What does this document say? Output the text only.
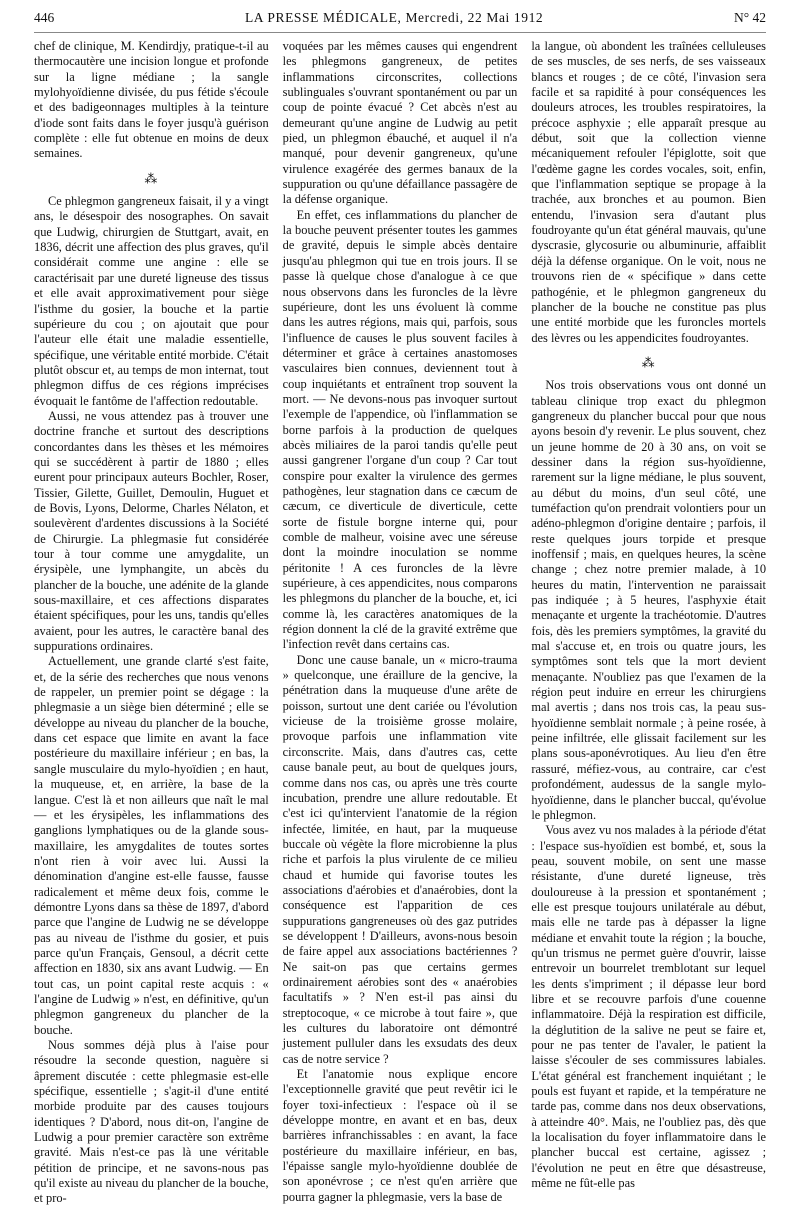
446	LA PRESSE MÉDICALE, Mercredi, 22 Mai 1912	N° 42

chef de clinique, M. Kendirdjy, pratique-t-il au thermocautère une incision longue et profonde sur la ligne médiane ; la sangle mylohyoïdienne divisée, du pus fétide s'écoule et des badigeonnages multiples à la teinture d'iode sont faits dans le foyer jusqu'à guérison complète : elle fut obtenue en moins de deux semaines.

⁂

Ce phlegmon gangreneux faisait, il y a vingt ans, le désespoir des nosographes. On savait que Ludwig, chirurgien de Stuttgart, avait, en 1836, décrit une affection des plus graves, qu'il considérait comme une angine : elle se caractérisait par une dureté ligneuse des tissus et elle avait approximativement pour siège l'isthme du gosier, la bouche et la partie supérieure du cou ; on ajoutait que pour l'auteur elle était une maladie essentielle, spécifique, une véritable entité morbide. C'était plutôt obscur et, au temps de mon internat, tout phlegmon diffus de ces régions imprécises évoquait le fantôme de l'affection redoutable.

Aussi, ne vous attendez pas à trouver une doctrine franche et surtout des descriptions concordantes dans les thèses et les mémoires qui se succédèrent à partir de 1880 ; elles eurent pour principaux auteurs Bochler, Roser, Tissier, Gilette, Guillet, Demoulin, Huguet et de Bovis, Lyons, Delorme, Charles Nélaton, et soulevèrent d'ardentes discussions à la Société de Chirurgie. La phlegmasie fut considérée tour à tour comme une amygdalite, un érysipèle, une lymphangite, un abcès du plancher de la bouche, une adénite de la glande sous-maxillaire, et ces affections disparates étaient spécifiques, pour les uns, tandis qu'elles avaient, pour les autres, le caractère banal des suppurations ordinaires.

Actuellement, une grande clarté s'est faite, et, de la série des recherches que nous venons de rappeler, un premier point se dégage : la phlegmasie a un siège bien déterminé ; elle se développe au niveau du plancher de la bouche, dans cet espace que limite en avant la face postérieure du maxillaire inférieur ; en bas, la sangle musculaire du mylo-hyoïdien ; en haut, la muqueuse, et, en arrière, la base de la langue. C'est là et non ailleurs que naît le mal — et les érysipèles, les inflammations des ganglions lymphatiques ou de la glande sous-maxillaire, les amygdalites de toutes sortes n'ont rien à voir avec lui. Aussi la dénomination d'angine est-elle fausse, fausse radicalement et même deux fois, comme le démontre Lyons dans sa thèse de 1897, d'abord parce que l'angine de Ludwig ne se développe pas au niveau de l'isthme du gosier, et puis parce qu'un Français, Gensoul, a décrit cette affection en 1830, six ans avant Ludwig. — En tout cas, un point capital reste acquis : « l'angine de Ludwig » n'est, en définitive, qu'un phlegmon gangreneux du plancher de la bouche.

Nous sommes déjà plus à l'aise pour résoudre la seconde question, naguère si âprement discutée : cette phlegmasie est-elle spécifique, essentielle ; s'agit-il d'une entité morbide produite par des causes toujours identiques ? D'abord, nous dit-on, l'angine de Ludwig a pour premier caractère son extrême gravité. Mais n'est-ce pas là une véritable pétition de principe, et ne savons-nous pas qu'il existe au niveau du plancher de la bouche, et pro-

voquées par les mêmes causes qui engendrent les phlegmons gangreneux, de petites inflammations circonscrites, collections sublinguales s'ouvrant spontanément ou par un coup de pointe évacué ? Cet abcès n'est au demeurant qu'une angine de Ludwig au petit pied, un phlegmon ébauché, et auquel il n'a manqué, pour devenir gangreneux, qu'une virulence exagérée des germes banaux de la suppuration ou qu'une défaillance passagère de la défense organique.

En effet, ces inflammations du plancher de la bouche peuvent présenter toutes les gammes de gravité, depuis le simple abcès dentaire jusqu'au phlegmon qui tue en trois jours. Il se passe là quelque chose d'analogue à ce que nous observons dans les furoncles de la lèvre supérieure, dont les uns évoluent là comme dans les autres régions, mais qui, parfois, sous l'influence de causes le plus souvent faciles à déterminer et grâce à certaines anastomoses vasculaires bien connues, deviennent tout à coup inquiétants et entraînent trop souvent la mort. — Ne devons-nous pas invoquer surtout l'exemple de l'appendice, où l'inflammation se borne parfois à la production de quelques abcès miliaires de la paroi tandis qu'elle peut aussi gangrener l'organe d'un coup ? Car tout conspire pour exalter la virulence des germes pathogènes, leur stagnation dans ce cæcum de cæcum, ce diverticule de diverticule, cette sorte de fistule borgne interne qui, pour comble de malheur, voisine avec une séreuse dont la moindre inoculation se nomme péritonite ! A ces furoncles de la lèvre supérieure, à ces appendicites, nous comparons les phlegmons du plancher de la bouche, et, ici comme là, les caractères anatomiques de la région donnent la clé de la gravité extrême que l'infection revêt dans certains cas.

Donc une cause banale, un « micro-trauma » quelconque, une éraillure de la gencive, la pénétration dans la muqueuse d'une arête de poisson, surtout une dent cariée ou l'évolution vicieuse de la troisième grosse molaire, provoque parfois une inflammation vite circonscrite. Mais, dans d'autres cas, cette cause banale peut, au bout de quelques jours, comme dans nos cas, ou après une très courte incubation, prendre une allure redoutable. Et c'est ici qu'intervient l'anatomie de la région infectée, limitée, en haut, par la muqueuse buccale où végète la flore microbienne la plus riche et parfois la plus virulente de ce milieu chaud et humide qui favorise toutes les associations d'aérobies et d'anaérobies, dont la conséquence est l'apparition de ces suppurations gangreneuses où des gaz putrides se développent ! D'ailleurs, avons-nous besoin de faire appel aux associations bactériennes ? Ne sait-on pas que certains germes ordinairement aérobies sont des « anaérobies facultatifs » ? N'en est-il pas ainsi du streptocoque, « ce microbe à tout faire », que les cultures du laboratoire ont démontré justement pulluler dans les exsudats des deux cas de notre service ?

Et l'anatomie nous explique encore l'exceptionnelle gravité que peut revêtir ici le foyer toxi-infectieux : l'espace où il se développe montre, en avant et en bas, deux barrières infranchissables : en avant, la face postérieure du maxillaire inférieur, en bas, l'épaisse sangle mylo-hyoïdienne doublée de son aponévrose ; ce n'est qu'en arrière que pourra gagner la phlegmasie, vers la base de

la langue, où abondent les traînées celluleuses de ses muscles, de ses nerfs, de ses vaisseaux blancs et rouges ; de ce côté, l'invasion sera facile et sa rapidité à pour conséquences les douleurs atroces, les troubles respiratoires, la précoce asphyxie ; elle apparaît presque au début, soit que la collection vienne mécaniquement refouler l'épiglotte, soit que l'œdème gagne les cordes vocales, soit, enfin, que l'inflammation septique se propage à la trachée, aux bronches et au poumon. Bien entendu, l'invasion sera d'autant plus foudroyante qu'un état général mauvais, qu'une dyscrasie, glycosurie ou albuminurie, affaiblit déjà la défense organique. On le voit, nous ne trouvons rien de « spécifique » dans cette pathogénie, et le phlegmon gangreneux du plancher de la bouche ne constitue pas plus une entité morbide que les furoncles mortels des lèvres ou les appendicites foudroyantes.

⁂

Nos trois observations vous ont donné un tableau clinique trop exact du phlegmon gangreneux du plancher buccal pour que nous ayons besoin d'y revenir. Le plus souvent, chez un jeune homme de 20 à 30 ans, on voit se dessiner dans la région sus-hyoïdienne, rarement sur la ligne médiane, le plus souvent, au début du moins, d'un seul côté, une tuméfaction qu'on prendrait volontiers pour un adéno-phlegmon d'origine dentaire ; parfois, il reste quelques jours torpide et presque inoffensif ; mais, en quelques heures, la scène change ; chez notre premier malade, à 10 heures du matin, l'intervention ne paraissait pas indiquée ; à 5 heures, l'asphyxie était menaçante et urgente la trachéotomie. D'autres fois, dès les premiers symptômes, la gravité du mal s'accuse et, en trois ou quatre jours, les symptômes sont tels que la mort devient menaçante. N'oubliez pas que l'examen de la région peut induire en erreur les chirurgiens mal avertis ; dans nos trois cas, la peau sus-hyoïdienne semblait normale ; à peine rosée, à peine infiltrée, elle glissait facilement sur les plans sous-aponévrotiques. Au lieu d'en être rassuré, méfiez-vous, au contraire, car c'est profondément, audessus de la sangle mylo-hyoïdienne, dans le plancher buccal, qu'évolue le phlegmon.

Vous avez vu nos malades à la période d'état : l'espace sus-hyoïdien est bombé, et, sous la peau, souvent mobile, on sent une masse résistante, d'une dureté ligneuse, très douloureuse à la pression et spontanément ; elle est presque toujours unilatérale au début, mais elle ne tarde pas à dépasser la ligne médiane et envahit toute la région ; la bouche, qu'un trismus ne permet guère d'ouvrir, laisse entrevoir un bourrelet tremblotant sur lequel les dents s'impriment ; il dépasse leur bord libre et se recouvre parfois d'une couenne inflammatoire. Déjà la respiration est difficile, la déglutition de la salive ne peut se faire et, pour ne pas tenter de l'avaler, le patient la laisse s'écouler de ses commissures labiales. L'état général est franchement inquiétant ; le pouls est fuyant et rapide, et la température ne tarde pas, comme dans nos deux observations, à atteindre 40°. Mais, ne l'oubliez pas, dès que la localisation du foyer inflammatoire dans le plancher buccal est certaine, agissez ; l'évolution ne peut en être que désastreuse, même ne fût-elle pas
